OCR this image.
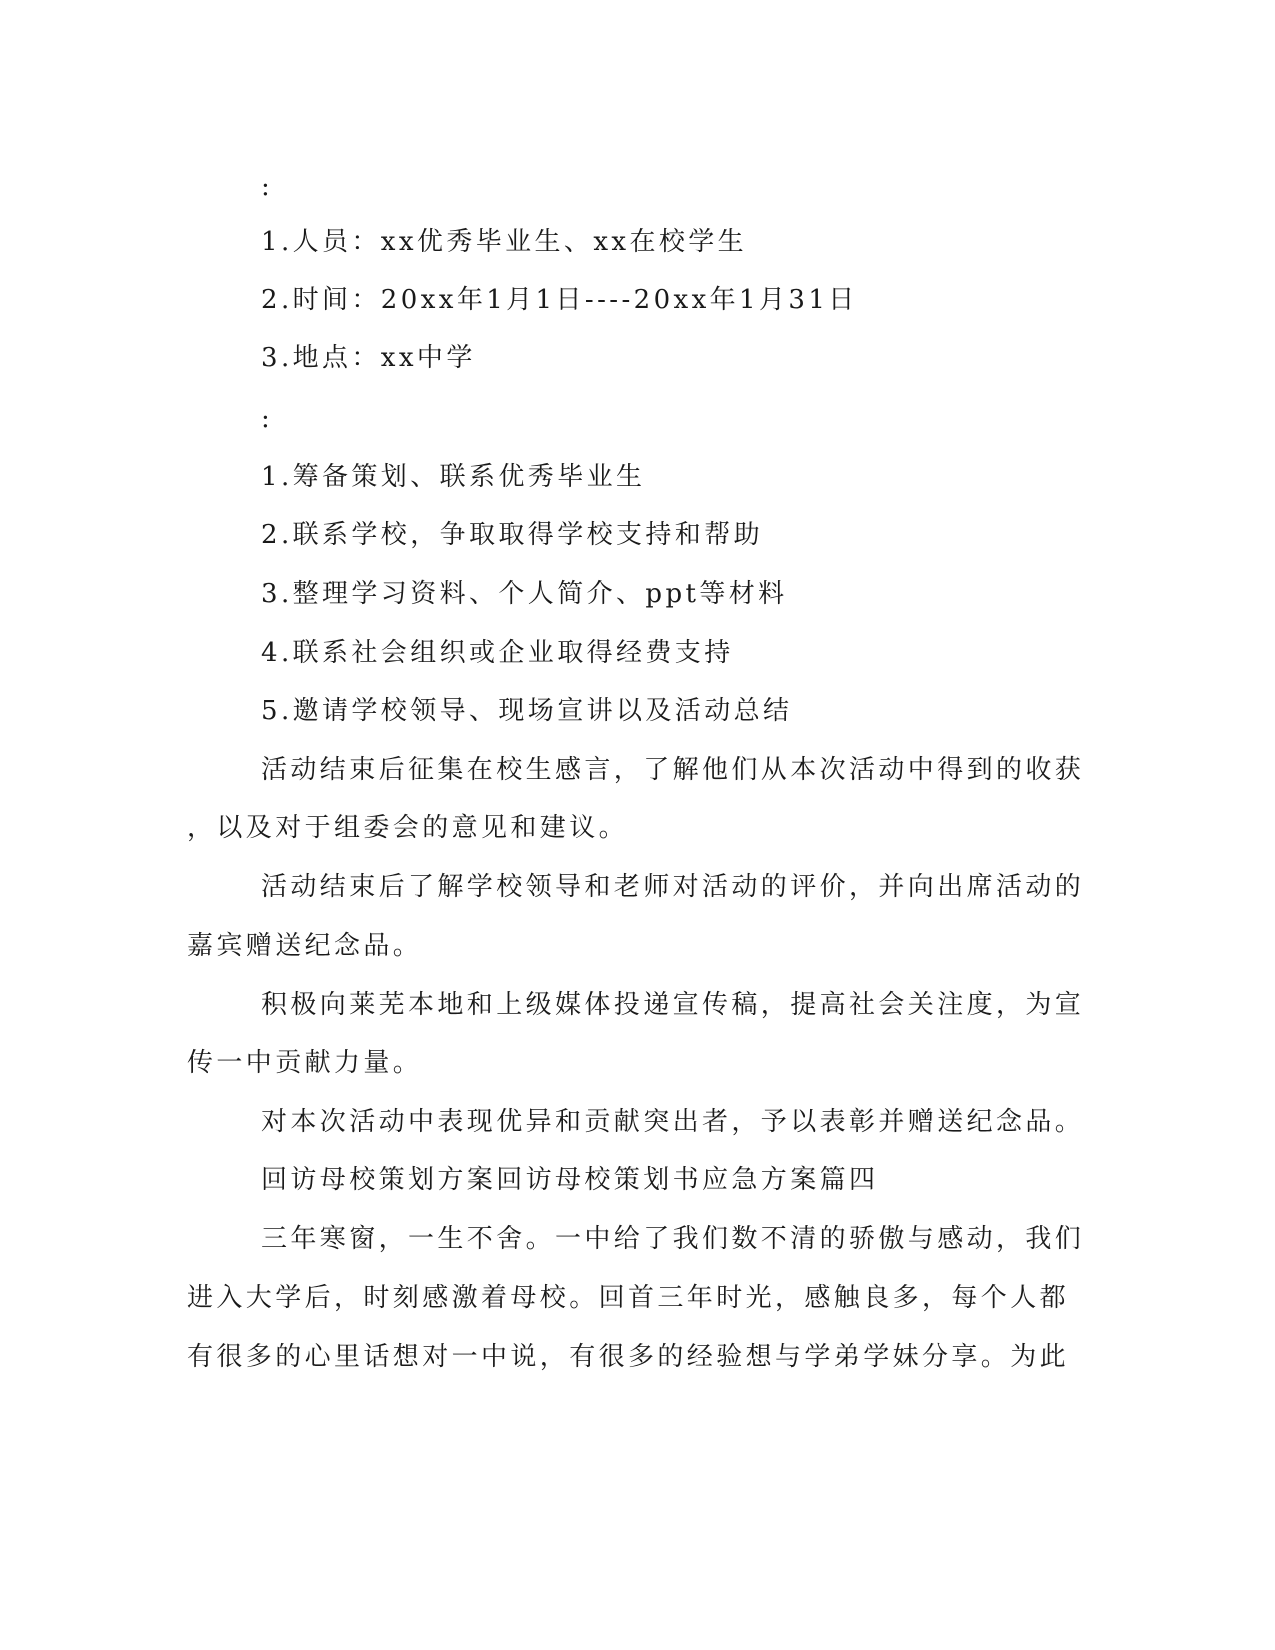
:

1.人员：xx优秀毕业生、xx在校学生

2.时间：20xx年1月1日----20xx年1月31日

3.地点：xx中学

:

1.筹备策划、联系优秀毕业生

2.联系学校，争取取得学校支持和帮助

3.整理学习资料、个人简介、ppt等材料

4.联系社会组织或企业取得经费支持

5.邀请学校领导、现场宣讲以及活动总结

活动结束后征集在校生感言，了解他们从本次活动中得到的收获

，以及对于组委会的意见和建议。

活动结束后了解学校领导和老师对活动的评价，并向出席活动的

嘉宾赠送纪念品。

积极向莱芜本地和上级媒体投递宣传稿，提高社会关注度，为宣

传一中贡献力量。

对本次活动中表现优异和贡献突出者，予以表彰并赠送纪念品。

回访母校策划方案回访母校策划书应急方案篇四

三年寒窗，一生不舍。一中给了我们数不清的骄傲与感动，我们

进入大学后，时刻感激着母校。回首三年时光，感触良多，每个人都

有很多的心里话想对一中说，有很多的经验想与学弟学妹分享。为此
